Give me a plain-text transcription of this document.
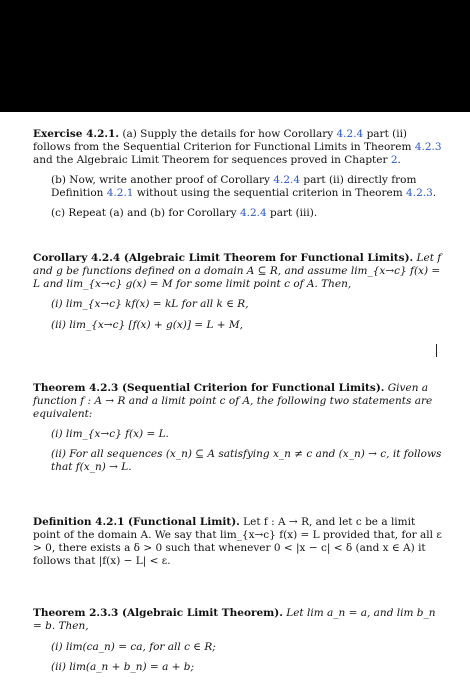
Exercise 4.2.1. (a) Supply the details for how Corollary 4.2.4 part (ii) follows from the Sequential Criterion for Functional Limits in Theorem 4.2.3 and the Algebraic Limit Theorem for sequences proved in Chapter 2.

(b) Now, write another proof of Corollary 4.2.4 part (ii) directly from Definition 4.2.1 without using the sequential criterion in Theorem 4.2.3.

(c) Repeat (a) and (b) for Corollary 4.2.4 part (iii).

Corollary 4.2.4 (Algebraic Limit Theorem for Functional Limits). Let f and g be functions defined on a domain A ⊆ R, and assume lim_{x→c} f(x) = L and lim_{x→c} g(x) = M for some limit point c of A. Then,

(i) lim_{x→c} kf(x) = kL for all k ∈ R,

(ii) lim_{x→c} [f(x) + g(x)] = L + M,

Theorem 4.2.3 (Sequential Criterion for Functional Limits). Given a function f : A → R and a limit point c of A, the following two statements are equivalent:

(i) lim_{x→c} f(x) = L.

(ii) For all sequences (x_n) ⊆ A satisfying x_n ≠ c and (x_n) → c, it follows that f(x_n) → L.

Definition 4.2.1 (Functional Limit). Let f : A → R, and let c be a limit point of the domain A. We say that lim_{x→c} f(x) = L provided that, for all ε > 0, there exists a δ > 0 such that whenever 0 < |x − c| < δ (and x ∈ A) it follows that |f(x) − L| < ε.

Theorem 2.3.3 (Algebraic Limit Theorem). Let lim a_n = a, and lim b_n = b. Then,

(i) lim(ca_n) = ca, for all c ∈ R;

(ii) lim(a_n + b_n) = a + b;
